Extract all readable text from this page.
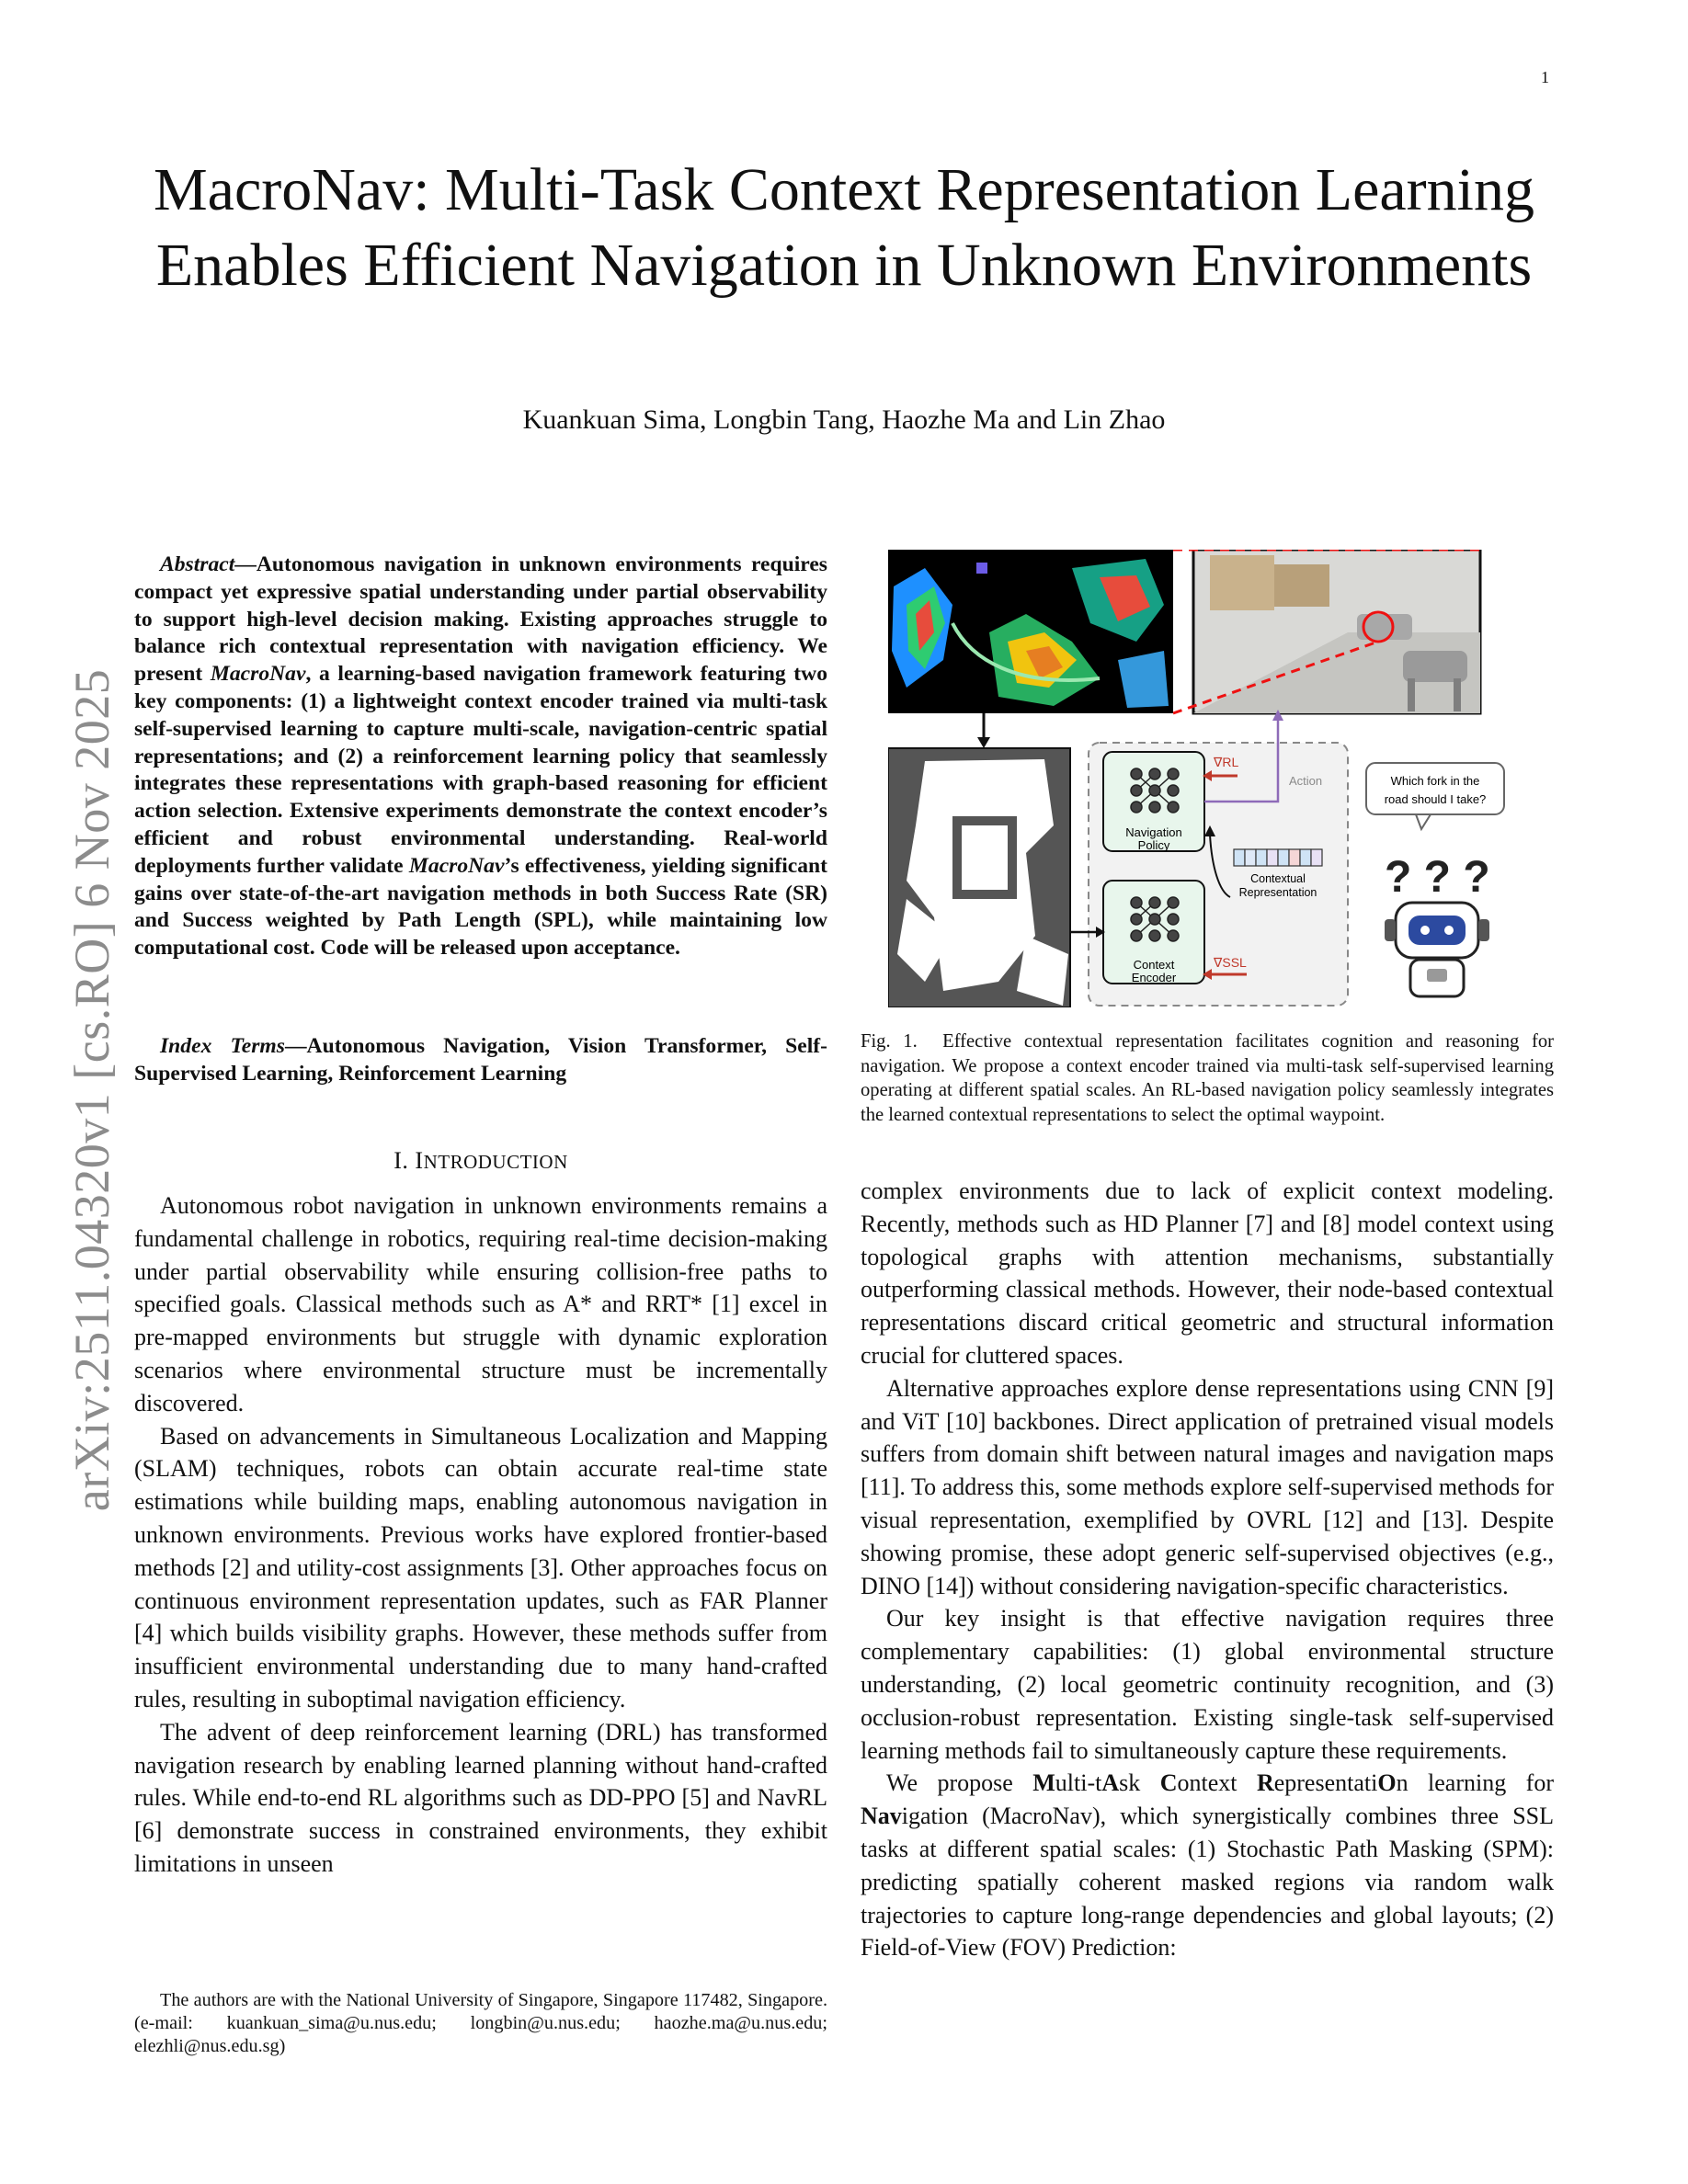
1
arXiv:2511.04320v1 [cs.RO] 6 Nov 2025
MacroNav: Multi-Task Context Representation Learning Enables Efficient Navigation in Unknown Environments
Kuankuan Sima, Longbin Tang, Haozhe Ma and Lin Zhao

Abstract—Autonomous navigation in unknown environments requires compact yet expressive spatial understanding under partial observability to support high-level decision making. Existing approaches struggle to balance rich contextual representation with navigation efficiency. We present MacroNav, a learning-based navigation framework featuring two key components: (1) a lightweight context encoder trained via multi-task self-supervised learning to capture multi-scale, navigation-centric spatial representations; and (2) a reinforcement learning policy that seamlessly integrates these representations with graph-based reasoning for efficient action selection. Extensive experiments demonstrate the context encoder’s efficient and robust environmental understanding. Real-world deployments further validate MacroNav’s effectiveness, yielding significant gains over state-of-the-art navigation methods in both Success Rate (SR) and Success weighted by Path Length (SPL), while maintaining low computational cost. Code will be released upon acceptance.

Index Terms—Autonomous Navigation, Vision Transformer, Self-Supervised Learning, Reinforcement Learning

I. INTRODUCTION

Autonomous robot navigation in unknown environments remains a fundamental challenge in robotics, requiring real-time decision-making under partial observability while ensuring collision-free paths to specified goals. Classical methods such as A* and RRT* [1] excel in pre-mapped environments but struggle with dynamic exploration scenarios where environmental structure must be incrementally discovered.

Based on advancements in Simultaneous Localization and Mapping (SLAM) techniques, robots can obtain accurate real-time state estimations while building maps, enabling autonomous navigation in unknown environments. Previous works have explored frontier-based methods [2] and utility-cost assignments [3]. Other approaches focus on continuous environment representation updates, such as FAR Planner [4] which builds visibility graphs. However, these methods suffer from insufficient environmental understanding due to many hand-crafted rules, resulting in suboptimal navigation efficiency.

The advent of deep reinforcement learning (DRL) has transformed navigation research by enabling learned planning without hand-crafted rules. While end-to-end RL algorithms such as DD-PPO [5] and NavRL [6] demonstrate success in constrained environments, they exhibit limitations in unseen

The authors are with the National University of Singapore, Singapore 117482, Singapore. (e-mail: kuankuan_sima@u.nus.edu; longbin@u.nus.edu; haozhe.ma@u.nus.edu; elezhli@nus.edu.sg)

Navigation
Policy
Context
Encoder
∇RL
∇SSL
Action
Contextual
Representation
Which fork in the
road should I take?
? ? ?

Fig. 1. Effective contextual representation facilitates cognition and reasoning for navigation. We propose a context encoder trained via multi-task self-supervised learning operating at different spatial scales. An RL-based navigation policy seamlessly integrates the learned contextual representations to select the optimal waypoint.

complex environments due to lack of explicit context modeling. Recently, methods such as HD Planner [7] and [8] model context using topological graphs with attention mechanisms, substantially outperforming classical methods. However, their node-based contextual representations discard critical geometric and structural information crucial for cluttered spaces.

Alternative approaches explore dense representations using CNN [9] and ViT [10] backbones. Direct application of pretrained visual models suffers from domain shift between natural images and navigation maps [11]. To address this, some methods explore self-supervised methods for visual representation, exemplified by OVRL [12] and [13]. Despite showing promise, these adopt generic self-supervised objectives (e.g., DINO [14]) without considering navigation-specific characteristics.

Our key insight is that effective navigation requires three complementary capabilities: (1) global environmental structure understanding, (2) local geometric continuity recognition, and (3) occlusion-robust representation. Existing single-task self-supervised learning methods fail to simultaneously capture these requirements.

We propose Multi-tAsk Context RepresentatiOn learning for Navigation (MacroNav), which synergistically combines three SSL tasks at different spatial scales: (1) Stochastic Path Masking (SPM): predicting spatially coherent masked regions via random walk trajectories to capture long-range dependencies and global layouts; (2) Field-of-View (FOV) Prediction:
